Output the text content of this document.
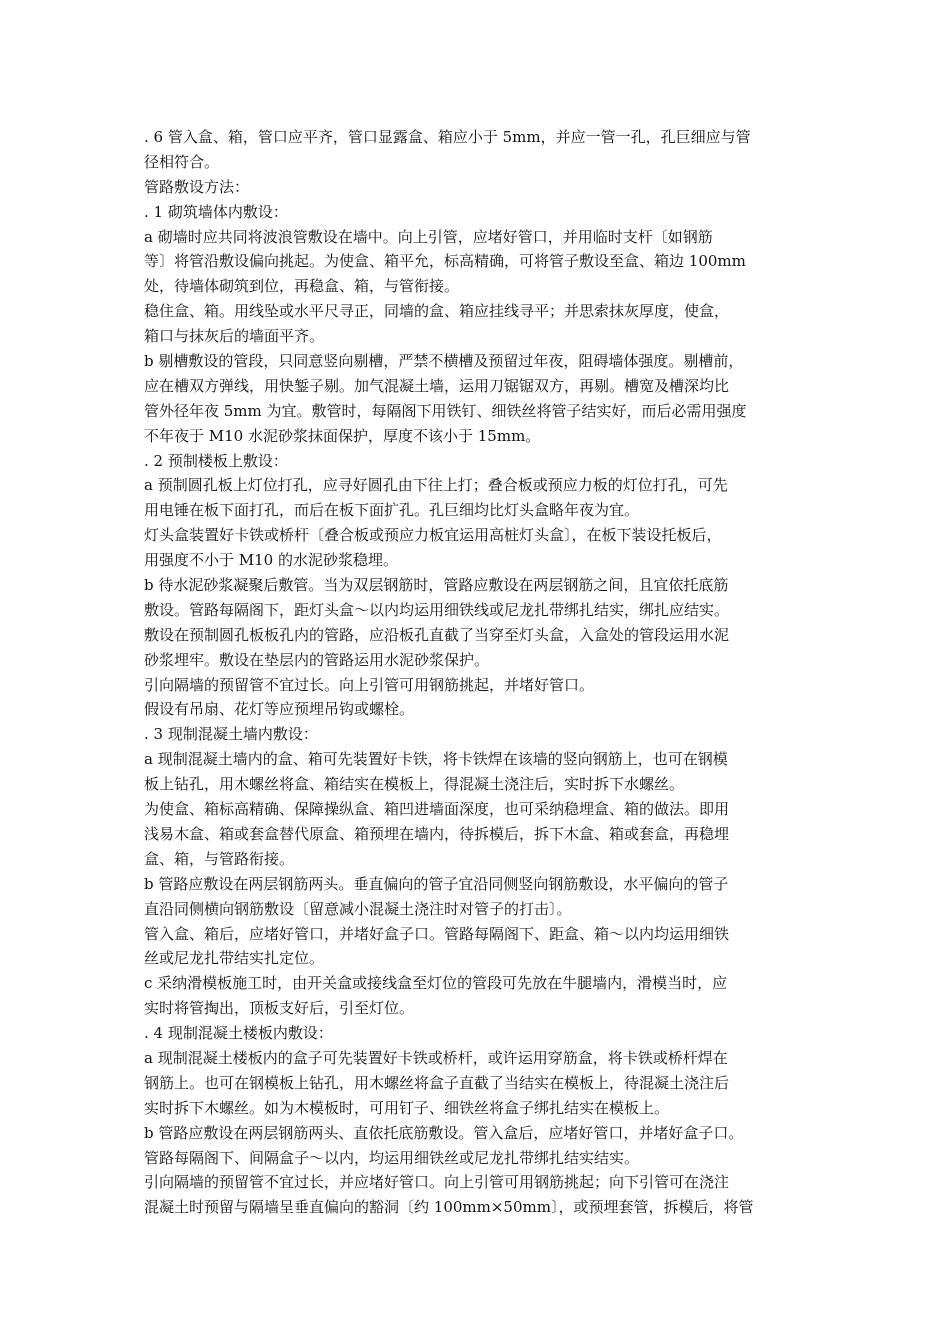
. 6 管入盒、箱，管口应平齐，管口显露盒、箱应小于 5mm，并应一管一孔，孔巨细应与管
径相符合。
管路敷设方法：
. 1 砌筑墙体内敷设：
a 砌墙时应共同将波浪管敷设在墙中。向上引管，应堵好管口，并用临时支杆〔如钢筋
等〕将管沿敷设偏向挑起。为使盒、箱平允，标高精确，可将管子敷设至盒、箱边 100mm
处，待墙体砌筑到位，再稳盒、箱，与管衔接。
稳住盒、箱。用线坠或水平尺寻正，同墙的盒、箱应挂线寻平；并思索抹灰厚度，使盒，
箱口与抹灰后的墙面平齐。
b 剔槽敷设的管段，只同意竖向剔槽，严禁不横槽及预留过年夜，阻碍墙体强度。剔槽前，
应在槽双方弹线，用快錾子剔。加气混凝土墙，运用刀锯锯双方，再剔。槽宽及槽深均比
管外径年夜 5mm 为宜。敷管时，每隔阁下用铁钉、细铁丝将管子结实好，而后必需用强度
不年夜于 M10 水泥砂浆抹面保护，厚度不该小于 15mm。
. 2 预制楼板上敷设：
a 预制圆孔板上灯位打孔，应寻好圆孔由下往上打；叠合板或预应力板的灯位打孔，可先
用电锤在板下面打孔，而后在板下面扩孔。孔巨细均比灯头盒略年夜为宜。
灯头盒装置好卡铁或桥杆〔叠合板或预应力板宜运用高桩灯头盒〕，在板下装设托板后，
用强度不小于 M10 的水泥砂浆稳埋。
b 待水泥砂浆凝聚后敷管。当为双层钢筋时，管路应敷设在两层钢筋之间，且宜依托底筋
敷设。管路每隔阁下，距灯头盒～以内均运用细铁线或尼龙扎带绑扎结实，绑扎应结实。
敷设在预制圆孔板板孔内的管路，应沿板孔直截了当穿至灯头盒，入盒处的管段运用水泥
砂浆埋牢。敷设在垫层内的管路运用水泥砂浆保护。
引向隔墙的预留管不宜过长。向上引管可用钢筋挑起，并堵好管口。
假设有吊扇、花灯等应预埋吊钩或螺栓。
. 3 现制混凝土墙内敷设：
a 现制混凝土墙内的盒、箱可先装置好卡铁，将卡铁焊在该墙的竖向钢筋上，也可在钢模
板上钻孔，用木螺丝将盒、箱结实在模板上，得混凝土浇注后，实时拆下水螺丝。
为使盒、箱标高精确、保障操纵盒、箱凹进墙面深度，也可采纳稳埋盒、箱的做法。即用
浅易木盒、箱或套盒替代原盒、箱预埋在墙内，待拆模后，拆下木盒、箱或套盒，再稳埋
盒、箱，与管路衔接。
b 管路应敷设在两层钢筋两头。垂直偏向的管子宜沿同侧竖向钢筋敷设，水平偏向的管子
直沿同侧横向钢筋敷设〔留意减小混凝土浇注时对管子的打击〕。
管入盒、箱后，应堵好管口，并堵好盒子口。管路每隔阁下、距盒、箱～以内均运用细铁
丝或尼龙扎带结实扎定位。
c 采纳滑模板施工时，由开关盒或接线盒至灯位的管段可先放在牛腿墙内，滑模当时，应
实时将管掏出，顶板支好后，引至灯位。
. 4 现制混凝土楼板内敷设：
a 现制混凝土楼板内的盒子可先装置好卡铁或桥杆，或许运用穿筋盒，将卡铁或桥杆焊在
钢筋上。也可在钢模板上钻孔，用木螺丝将盒子直截了当结实在模板上，待混凝土浇注后
实时拆下木螺丝。如为木模板时，可用钉子、细铁丝将盒子绑扎结实在模板上。
b 管路应敷设在两层钢筋两头、直依托底筋敷设。管入盒后，应堵好管口，并堵好盒子口。
管路每隔阁下、间隔盒子～以内，均运用细铁丝或尼龙扎带绑扎结实结实。
引向隔墙的预留管不宜过长，并应堵好管口。向上引管可用钢筋挑起；向下引管可在浇注
混凝土时预留与隔墙呈垂直偏向的豁洞〔约 100mm×50mm〕，或预埋套管，拆模后，将管
